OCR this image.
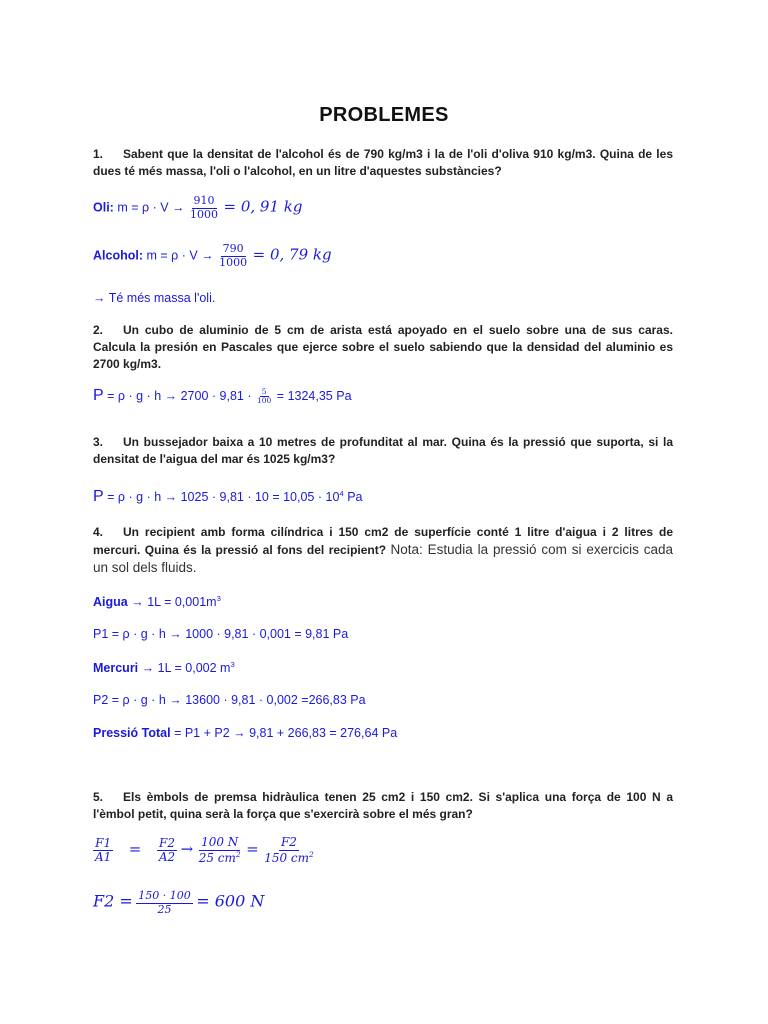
PROBLEMES
1. Sabent que la densitat de l'alcohol és de 790 kg/m3 i la de l'oli d'oliva 910 kg/m3. Quina de les dues té més massa, l'oli o l'alcohol, en un litre d'aquestes substàncies?
Oli: $m = \rho \cdot V \to \frac{910}{1000} = 0$, 91 kg
Alcohol: $m = \rho \cdot V \to \frac{790}{1000} = 0$, 79 kg
→ Té més massa l'oli.
2. Un cubo de aluminio de 5 cm de arista está apoyado en el suelo sobre una de sus caras. Calcula la presión en Pascales que ejerce sobre el suelo sabiendo que la densidad del aluminio es 2700 kg/m3.
$P = \rho \cdot g \cdot h \to 2700 \cdot 9,81 \cdot \frac{5}{100} = 1324,35$ Pa
3. Un bussejador baixa a 10 metres de profunditat al mar. Quina és la pressió que suporta, si la densitat de l'aigua del mar és 1025 kg/m3?
$P = \rho \cdot g \cdot h \to 1025 \cdot 9,81 \cdot 10 = 10,05 \cdot 10^4$ Pa
4. Un recipient amb forma cilíndrica i 150 cm2 de superfície conté 1 litre d'aigua i 2 litres de mercuri. Quina és la pressió al fons del recipient? Nota: Estudia la pressió com si exercicis cada un sol dels fluids.
Aigua → $1L = 0,001m^3$
P1 = ρ · g · h → 1000 · 9,81 · 0,001 = 9,81 Pa
Mercuri → 1L = 0,002 $m^3$
P2 = ρ · g · h → 13600 · 9,81 · 0,002 =266,83 Pa
Pressió Total = P1 + P2 → 9,81 + 266,83 = 276,64 Pa
5. Els èmbols de premsa hidràulica tenen 25 cm2 i 150 cm2. Si s'aplica una força de 100 N a l'èmbol petit, quina serà la força que s'exercirà sobre el més gran?
$\frac{F1}{A1} = \frac{F2}{A2} \to \frac{100 N}{25 cm^2} = \frac{F2}{150 cm^2}$
$F2 = \frac{150 \cdot 100}{25} = 600$ N
